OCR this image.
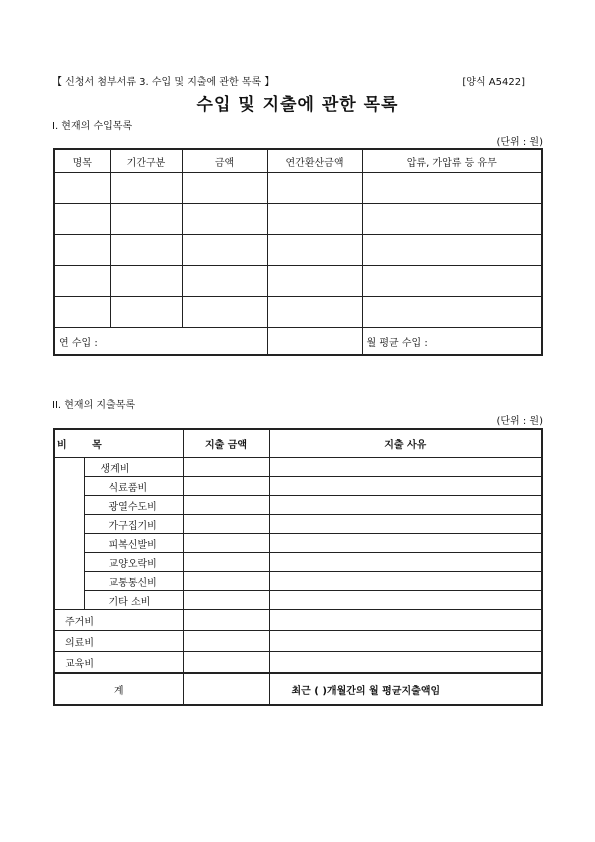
【 신청서 첨부서류 3. 수입 및 지출에 관한 목록 】	[양식 A5422]
수입 및 지출에 관한 목록
I. 현재의 수입목록
(단위 : 원)
명목	기간구분	금액	연간환산금액	압류, 가압류 등 유무

연 수입 :				월 평균 수입 :
II. 현재의 지출목록
(단위 : 원)
비 목		지출 금액	지출 사유
	생계비		
	식료품비		
	광열수도비		
	가구집기비		
	피복신발비		
	교양오락비		
	교통통신비		
	기타 소비		
주거비			
의료비			
교육비			
계			최근 ( )개월간의 월 평균지출액임
